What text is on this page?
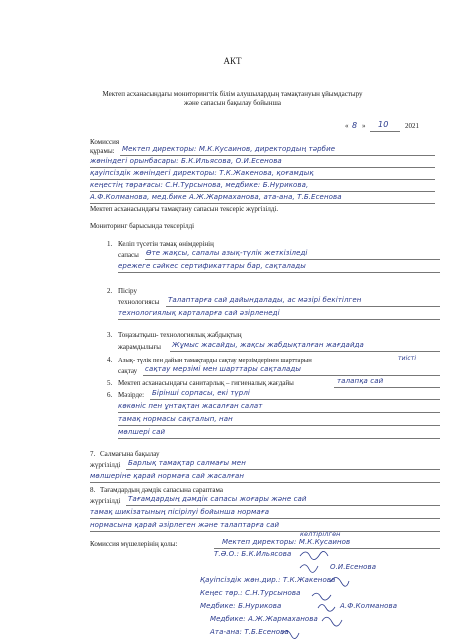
АКТ
Мектеп асханасындағы мониторингтік білім алушылардың тамақтануын ұйымдастыру
және сапасын бақылау бойынша
« 8 » 10 2021
Комиссия
құрамы: Мектеп директоры: М.К.Кусаинов, директордың тәрбие
жөніндегі орынбасары: Б.К.Ильясова, О.И.Есенова
қауіпсіздік жөніндегі директоры: Т.К.Жакенова, қоғамдық
кеңестің төрағасы: С.Н.Турсынова, медбике: Б.Нурикова,
А.Ф.Колманова, мед.бике А.Ж.Жармаханова, ата-ана, Т.Б.Есенова
Мектеп асханасындағы тамақтану сапасын тексеріс жүргізілді.
Мониторинг барысында тексерілді
1. Келіп түсетін тамақ өнімдерінің
сапасы Өте жақсы, сапалы азық-түлік жеткізіледі
ережеге сәйкес сертификаттары бар, сақталады
2. Пісіру
технологиясы Талаптарға сай дайындалады, ас мәзірі бекітілген
технологиялық карталарға сай әзірленеді
3. Тоңазытқыш- технологиялық жабдықтың
жарамдылығы Жұмыс жасайды, жақсы жабдықталған жағдайда
4. Азық- түлік пен дайын тамақтарды сақтау мерзімдерінен шарттарын	тиісті
сақтау сақтау мерзімі мен шарттары сақталады
5. Мектеп асханасындағы санитарлық – гигиеналық жағдайы	талапқа сай
6. Мәзірде: Бірінші сорпасы, екі түрлі
көкөніс пен ұнтақтан жасалған салат
тамақ нормасы сақталып, нан
мөлшері сай
7. Салмағына бақылау
жүргізілді Барлық тамақтар салмағы мен
мөлшеріне қарай нормаға сай жасалған
8. Тағамдардың дәмдік сапасына сараптама
жүргізілді Тағамдардың дәмдік сапасы жоғары және сай
тамақ шикізатының пісірілуі бойынша нормаға
нормасына қарай әзірлеген және талаптарға сай
келтірілген
Комиссия мүшелерінің қолы:	Мектеп директоры: М.К.Кусаинов
Т.Ә.О.: Б.К.Ильясова
О.И.Есенова
Қауіпсіздік жөн.дир.: Т.К.Жакенова
Кеңес төр.: С.Н.Турсынова
Медбике: Б.Нурикова	А.Ф.Колманова
Медбике: А.Ж.Жармаханова
Ата-ана: Т.Б.Есенова
